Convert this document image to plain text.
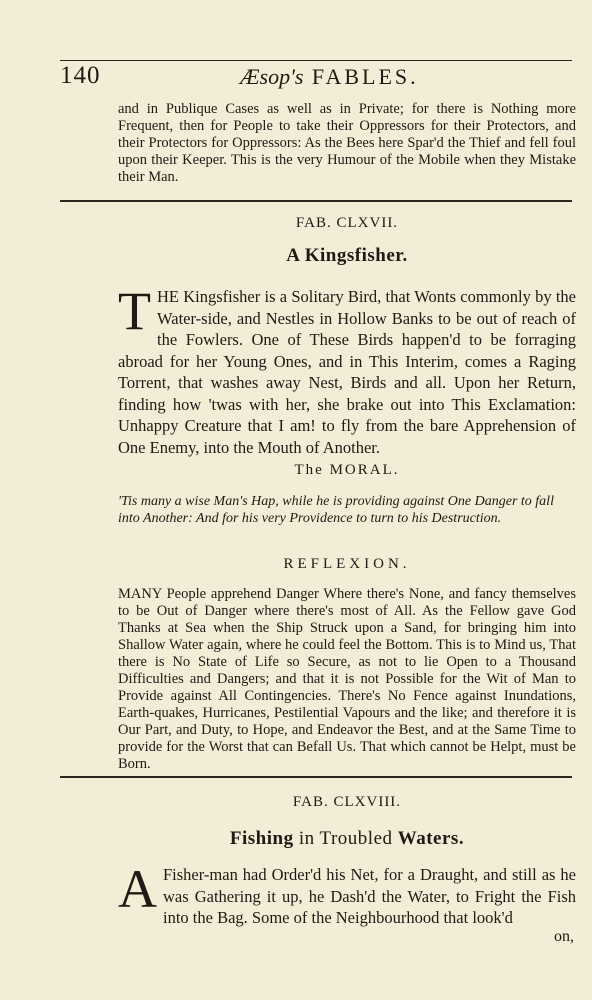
140	Æsop's FABLES.
and in Publique Cases as well as in Private; for there is Nothing more Frequent, then for People to take their Oppressors for their Protectors, and their Protectors for Oppressors: As the Bees here Spar'd the Thief and fell foul upon their Keeper. This is the very Humour of the Mobile when they Mistake their Man.
FAB. CLXVII.
A Kingsfisher.
THE Kingsfisher is a Solitary Bird, that Wonts commonly by the Water-side, and Nestles in Hollow Banks to be out of reach of the Fowlers. One of These Birds happen'd to be forraging abroad for her Young Ones, and in This Interim, comes a Raging Torrent, that washes away Nest, Birds and all. Upon her Return, finding how 'twas with her, she brake out into This Exclamation: Unhappy Creature that I am! to fly from the bare Apprehension of One Enemy, into the Mouth of Another.
The MORAL.
'Tis many a wise Man's Hap, while he is providing against One Danger to fall into Another: And for his very Providence to turn to his Destruction.
REFLEXION.
MANY People apprehend Danger Where there's None, and fancy themselves to be Out of Danger where there's most of All. As the Fellow gave God Thanks at Sea when the Ship Struck upon a Sand, for bringing him into Shallow Water again, where he could feel the Bottom. This is to Mind us, That there is No State of Life so Secure, as not to lie Open to a Thousand Difficulties and Dangers; and that it is not Possible for the Wit of Man to Provide against All Contingencies. There's No Fence against Inundations, Earth-quakes, Hurricanes, Pestilential Vapours and the like; and therefore it is Our Part, and Duty, to Hope, and Endeavor the Best, and at the Same Time to provide for the Worst that can Befall Us. That which cannot be Helpt, must be Born.
FAB. CLXVIII.
Fishing in Troubled Waters.
A Fisher-man had Order'd his Net, for a Draught, and still as he was Gathering it up, he Dash'd the Water, to Fright the Fish into the Bag. Some of the Neighbourhood that look'd
on,
